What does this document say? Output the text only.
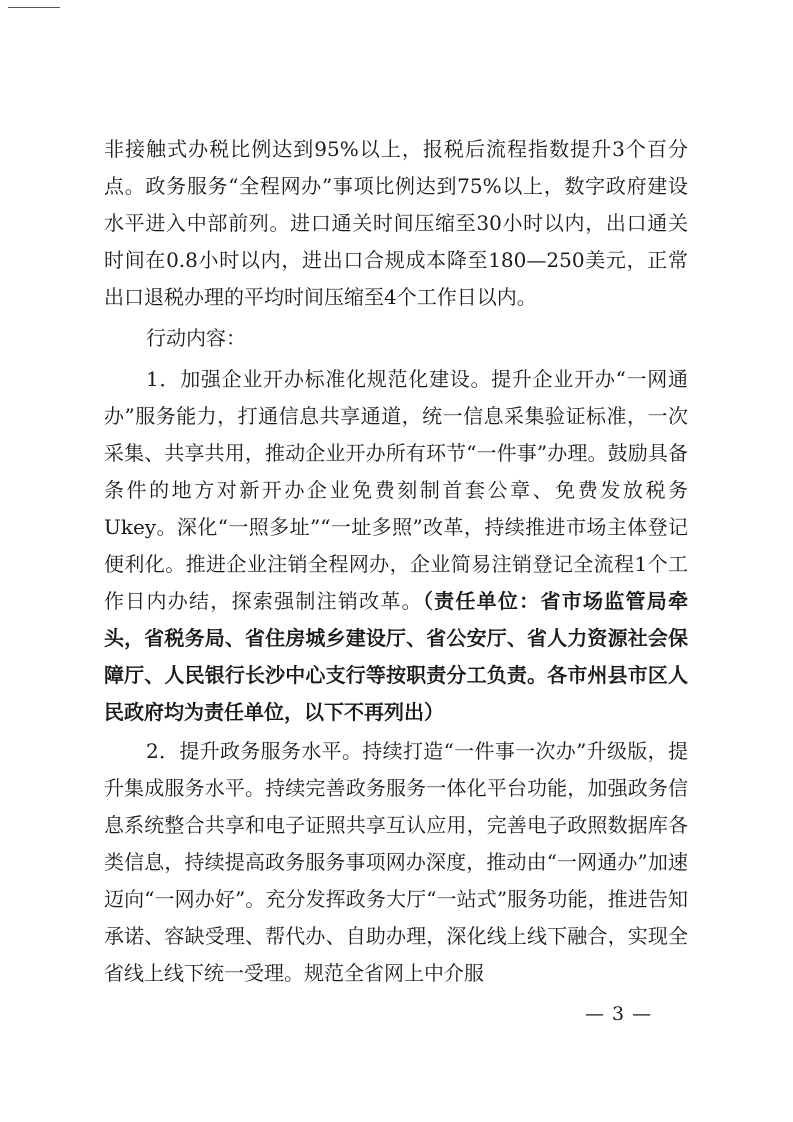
非接触式办税比例达到95%以上，报税后流程指数提升3个百分点。政务服务“全程网办”事项比例达到75%以上，数字政府建设水平进入中部前列。进口通关时间压缩至30小时以内，出口通关时间在0.8小时以内，进出口合规成本降至180—250美元，正常出口退税办理的平均时间压缩至4个工作日以内。

行动内容：

1．加强企业开办标准化规范化建设。提升企业开办“一网通办”服务能力，打通信息共享通道，统一信息采集验证标准，一次采集、共享共用，推动企业开办所有环节“一件事”办理。鼓励具备条件的地方对新开办企业免费刻制首套公章、免费发放税务Ukey。深化“一照多址”“一址多照”改革，持续推进市场主体登记便利化。推进企业注销全程网办，企业简易注销登记全流程1个工作日内办结，探索强制注销改革。（责任单位：省市场监管局牵头，省税务局、省住房城乡建设厅、省公安厅、省人力资源社会保障厅、人民银行长沙中心支行等按职责分工负责。各市州县市区人民政府均为责任单位，以下不再列出）

2．提升政务服务水平。持续打造“一件事一次办”升级版，提升集成服务水平。持续完善政务服务一体化平台功能，加强政务信息系统整合共享和电子证照共享互认应用，完善电子政照数据库各类信息，持续提高政务服务事项网办深度，推动由“一网通办”加速迈向“一网办好”。充分发挥政务大厅“一站式”服务功能，推进告知承诺、容缺受理、帮代办、自助办理，深化线上线下融合，实现全省线上线下统一受理。规范全省网上中介服

— 3 —
